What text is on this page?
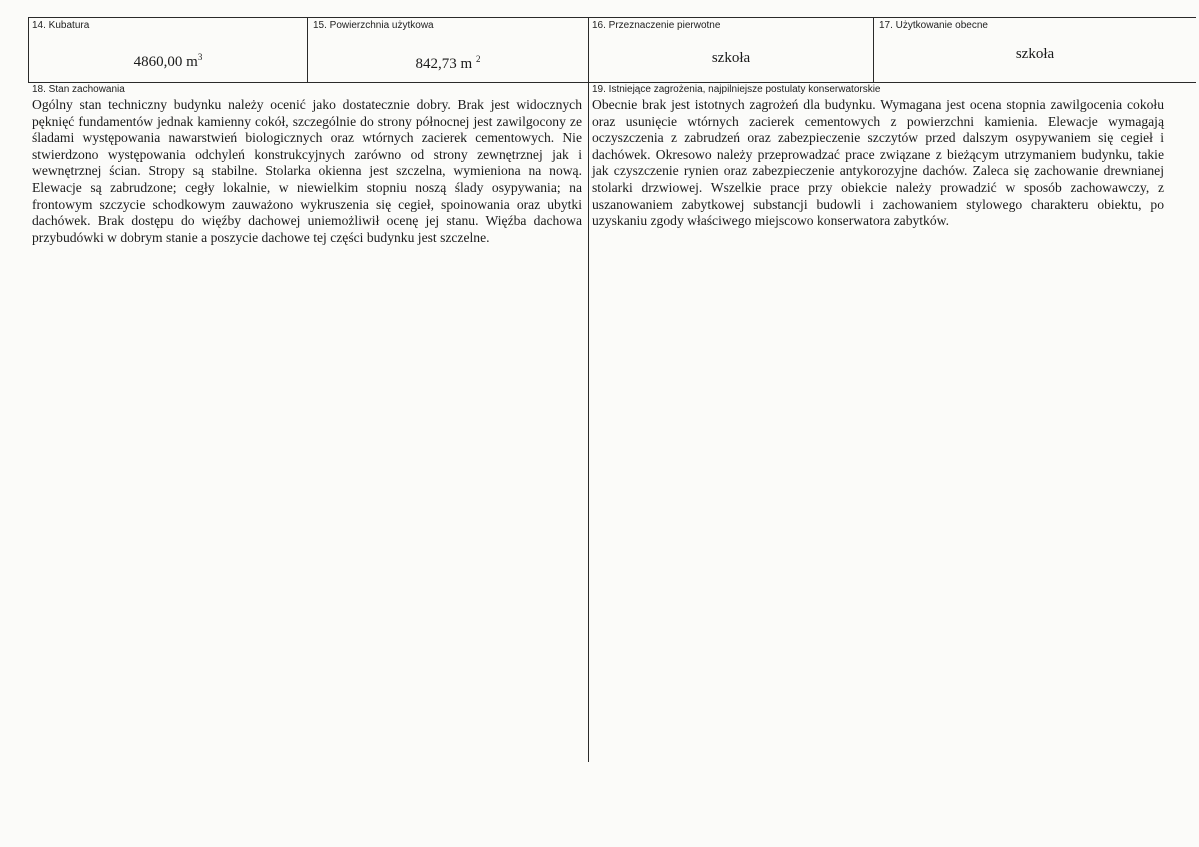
14. Kubatura
4860,00 $m^3$
15. Powierzchnia użytkowa
842,73 m $^2$
16. Przeznaczenie pierwotne
szkoła
17. Użytkowanie obecne
szkoła
18. Stan zachowania

Ogólny stan techniczny budynku należy ocenić jako dostatecznie dobry. Brak jest widocznych pęknięć fundamentów jednak kamienny cokół, szczególnie do strony północnej jest zawilgocony ze śladami występowania nawarstwień biologicznych oraz wtórnych zacierek cementowych. Nie stwierdzono występowania odchyleń konstrukcyjnych zarówno od strony zewnętrznej jak i wewnętrznej ścian. Stropy są stabilne. Stolarka okienna jest szczelna, wymieniona na nową. Elewacje są zabrudzone; cegły lokalnie, w niewielkim stopniu noszą ślady osypywania; na frontowym szczycie schodkowym zauważono wykruszenia się cegieł, spoinowania oraz ubytki dachówek. Brak dostępu do więźby dachowej uniemożliwił ocenę jej stanu. Więźba dachowa przybudówki w dobrym stanie a poszycie dachowe tej części budynku jest szczelne.

19. Istniejące zagrożenia, najpilniejsze postulaty konserwatorskie

Obecnie brak jest istotnych zagrożeń dla budynku. Wymagana jest ocena stopnia zawilgocenia cokołu oraz usunięcie wtórnych zacierek cementowych z powierzchni kamienia. Elewacje wymagają oczyszczenia z zabrudzeń oraz zabezpieczenie szczytów przed dalszym osypywaniem się cegieł i dachówek. Okresowo należy przeprowadzać prace związane z bieżącym utrzymaniem budynku, takie jak czyszczenie rynien oraz zabezpieczenie antykorozyjne dachów. Zaleca się zachowanie drewnianej stolarki drzwiowej. Wszelkie prace przy obiekcie należy prowadzić w sposób zachowawczy, z uszanowaniem zabytkowej substancji budowli i zachowaniem stylowego charakteru obiektu, po uzyskaniu zgody właściwego miejscowo konserwatora zabytków.
